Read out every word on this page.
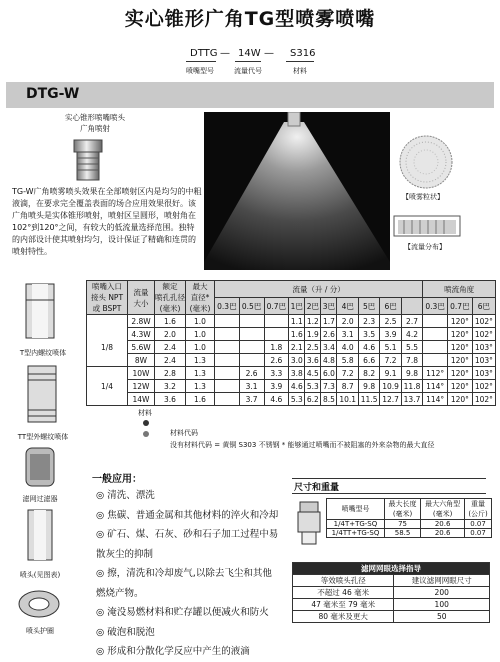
实心锥形广角TG型喷雾喷嘴
DTTG — 14W — S316
喷嘴型号	流量代号	材料
DTG-W
实心锥形喷嘴喷头
广角喷射
TG-W广角喷雾喷头效果在全部喷射区内是均匀的中粗液滴，在要求完全覆盖表面的场合应用效果很好。该广角喷头是实体锥形喷射，喷射区呈圆形，喷射角在102°到120°之间，有较大的低流量选择范围。独特的内部设计使其喷射均匀，设计保证了精确和连贯的喷射特性。
【喷雾粒状】
【流量分布】
T型内螺纹喷体
TT型外螺纹喷体
滤网过滤器
喷头(见图表)
喷头护圈
喷嘴入口
接头 NPT
或 BSPT	流量
大小	额定
喷孔孔径
(毫米)	最大
直径*
(毫米)	流量（升 / 分）										喷流角度		
				0.3巴	0.5巴	0.7巴	1巴	2巴	3巴	4巴	5巴	6巴		0.3巴	0.7巴	6巴
	2.8W	1.6	1.0				1.1	1.2	1.7	2.0	2.3	2.5	2.7		120°	102°
	4.3W	2.0	1.0				1.6	1.9	2.6	3.1	3.5	3.9	4.2		120°	102°
1/8	5.6W	2.4	1.0			1.8	2.1	2.5	3.4	4.0	4.6	5.1	5.5		120°	103°
	8W	2.4	1.3			2.6	3.0	3.6	4.8	5.8	6.6	7.2	7.8		120°	103°
	10W	2.8	1.3		2.6	3.3	3.8	4.5	6.0	7.2	8.2	9.1	9.8	112°	120°	103°
1/4	12W	3.2	1.3		3.1	3.9	4.6	5.3	7.3	8.7	9.8	10.9	11.8	114°	120°	102°
	14W	3.6	1.6		3.7	4.6	5.3	6.2	8.5	10.1	11.5	12.7	13.7	114°	120°	102°
材料
材料代码
没有材料代码 = 黄铜 S303 不锈钢 * 能够通过喷嘴而不被阻塞的外来杂物的最大直径
一般应用：
◎ 清洗、漂洗
◎ 焦碳、普通金属和其他材料的淬火和冷却
◎ 矿石、煤、石灰、砂和石子加工过程中易
散灰尘的抑制
◎ 擦，清洗和冷却废气,以除去飞尘和其他
燃烧产物。
◎ 淹没易燃材料和贮存罐以便减火和防火
◎ 破泡和脱泡
◎ 形成和分散化学反应中产生的液滴
尺寸和重量
喷嘴型号	最大长度
(毫米)	最大六角型
(毫米)	重量
(公斤)
1/4T+TG-SQ	75	20.6	0.07
1/4TT+TG-SQ	58.5	20.6	0.07
滤网网眼选择指导	
等效喷头孔径	建议滤网网眼尺寸
不超过 46 毫米	200
47 毫米至 79 毫米	100
80 毫米及更大	50
